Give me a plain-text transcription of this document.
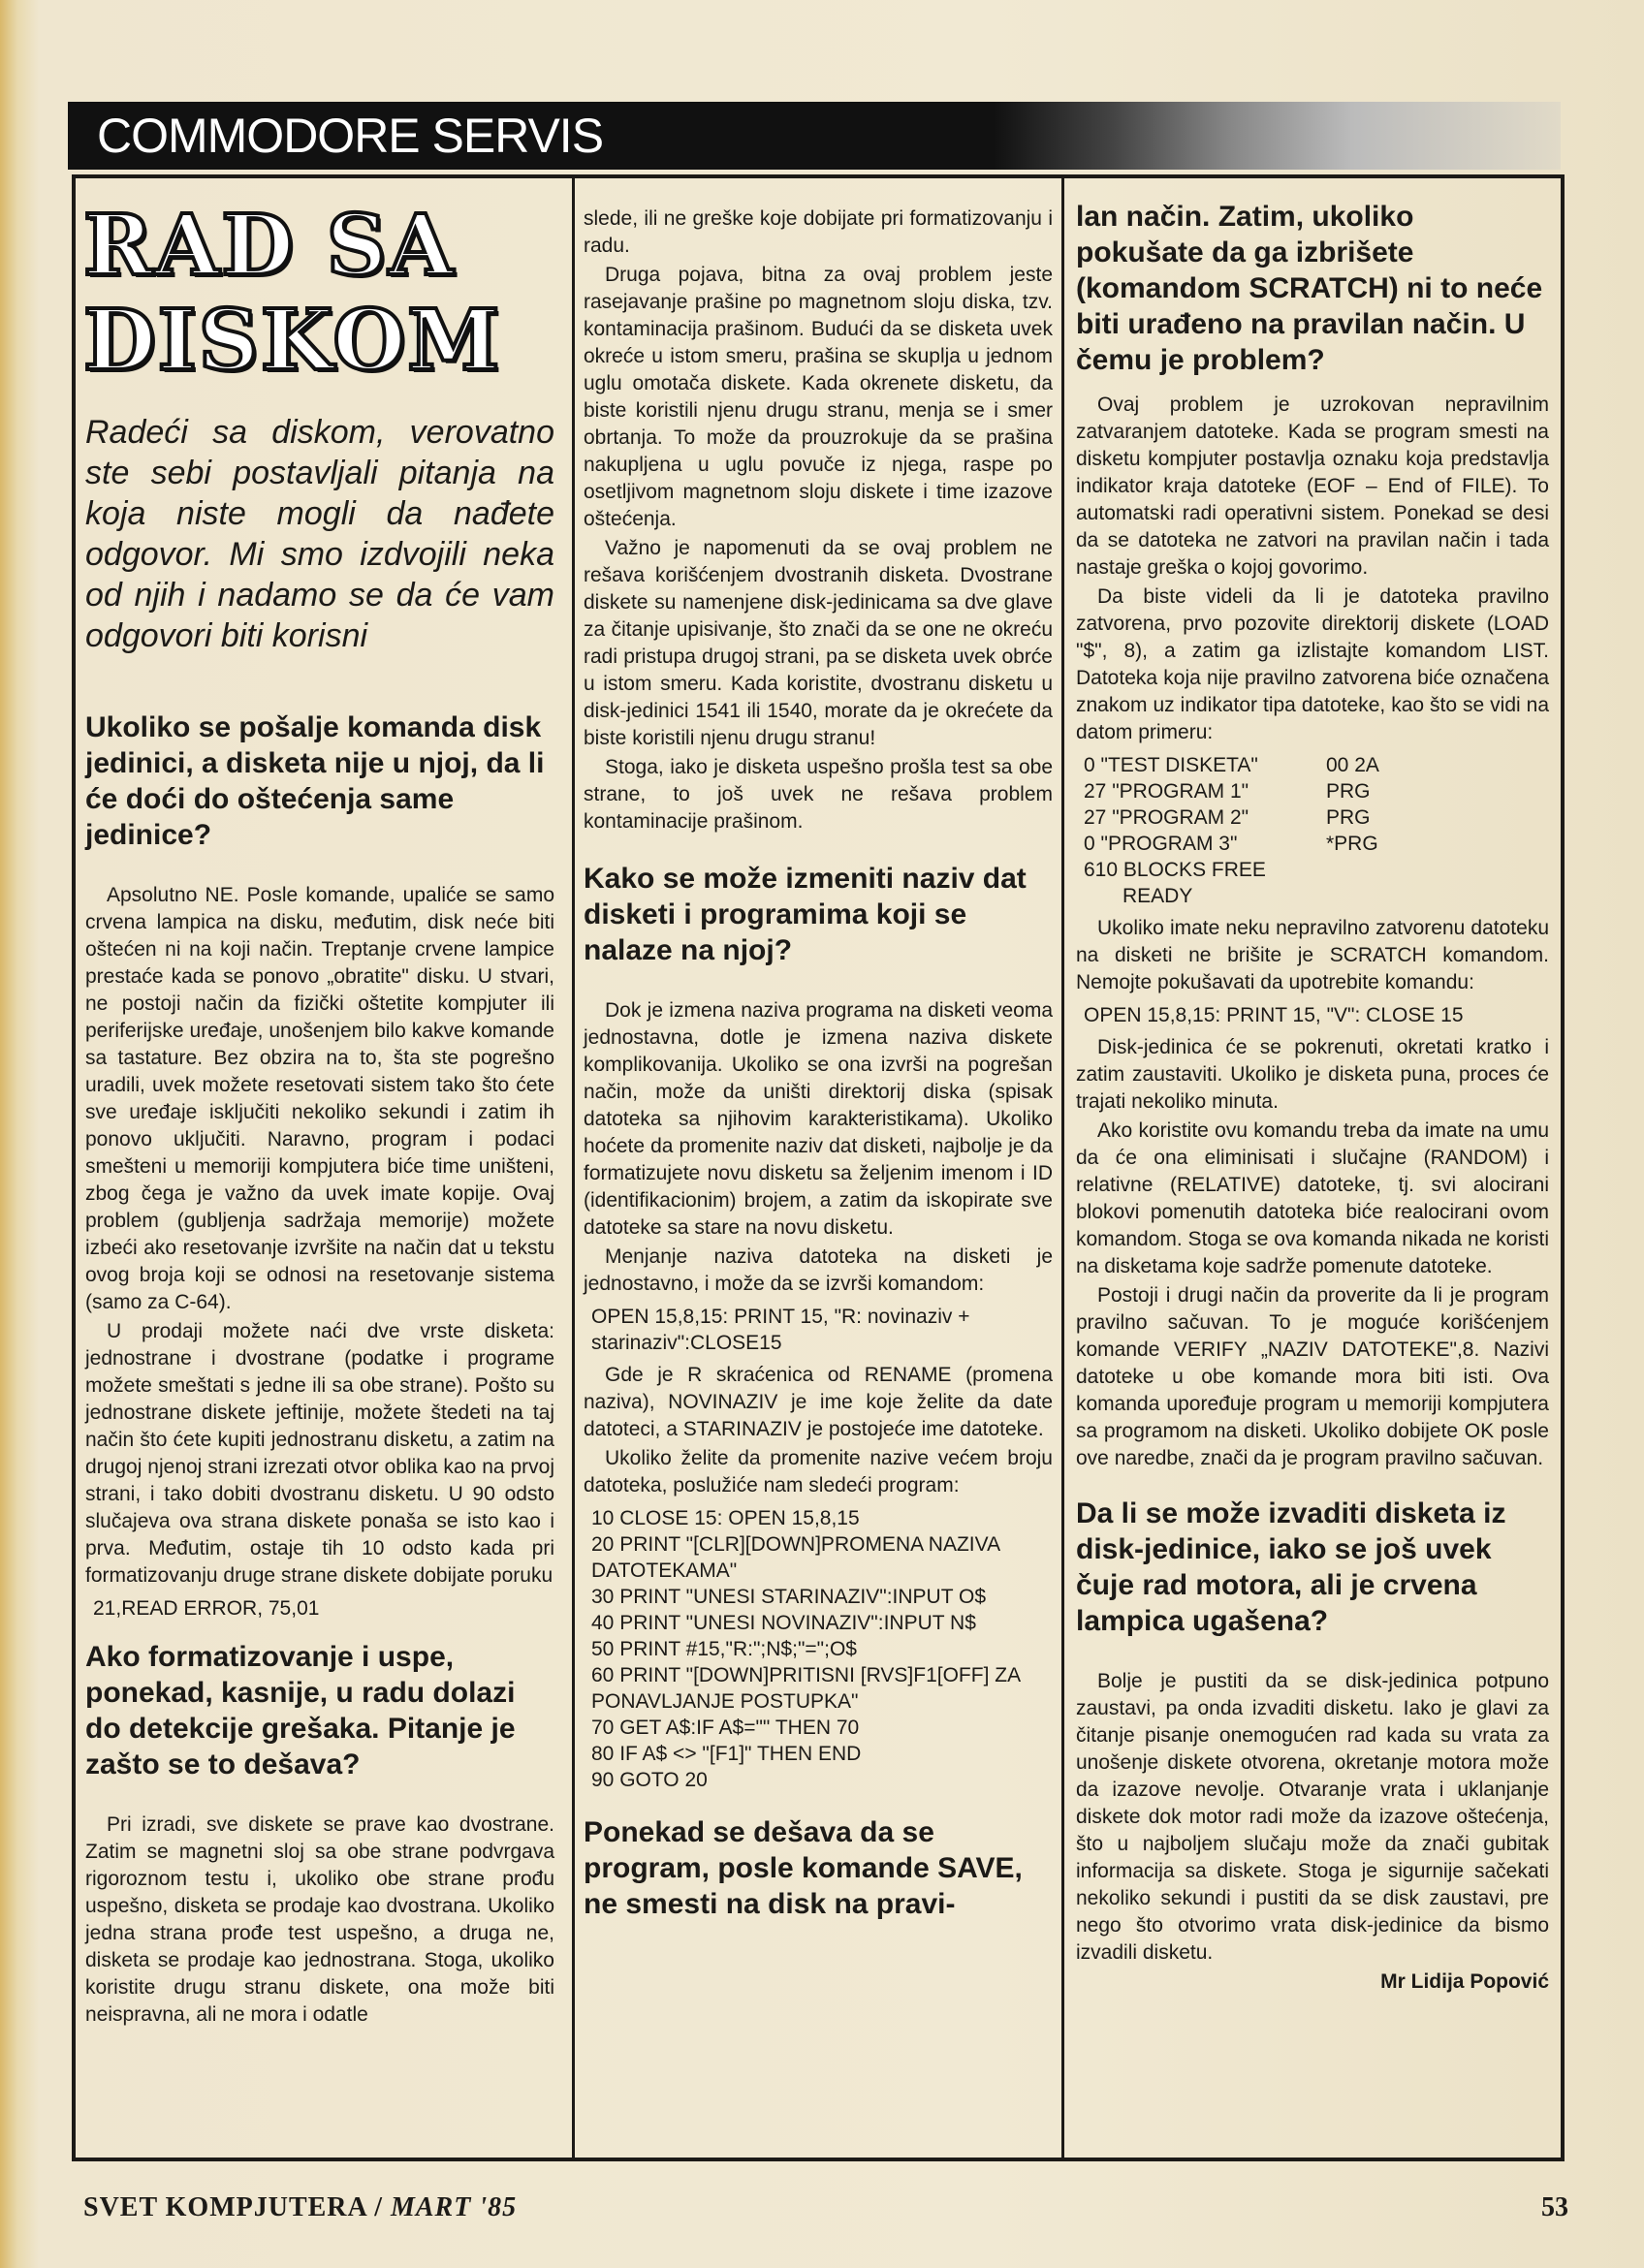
COMMODORE SERVIS
RAD SA
DISKOM
Radeći sa diskom, verovatno ste sebi postavljali pitanja na koja niste mogli da nađete odgovor. Mi smo izdvojili neka od njih i nadamo se da će vam odgovori biti korisni
Ukoliko se pošalje komanda disk jedinici, a disketa nije u njoj, da li će doći do oštećenja same jedinice?

Apsolutno NE. Posle komande, upaliće se samo crvena lampica na disku, međutim, disk neće biti oštećen ni na koji način. Treptanje crvene lampice prestaće kada se ponovo „obratite" disku. U stvari, ne postoji način da fizički oštetite kompjuter ili periferijske uređaje, unošenjem bilo kakve komande sa tastature. Bez obzira na to, šta ste pogrešno uradili, uvek možete resetovati sistem tako što ćete sve uređaje isključiti nekoliko sekundi i zatim ih ponovo uključiti. Naravno, program i podaci smešteni u memoriji kompjutera biće time uništeni, zbog čega je važno da uvek imate kopije. Ovaj problem (gubljenja sadržaja memorije) možete izbeći ako resetovanje izvršite na način dat u tekstu ovog broja koji se odnosi na resetovanje sistema (samo za C-64).

U prodaji možete naći dve vrste disketa: jednostrane i dvostrane (podatke i programe možete smeštati s jedne ili sa obe strane). Pošto su jednostrane diskete jeftinije, možete štedeti na taj način što ćete kupiti jednostranu disketu, a zatim na drugoj njenoj strani izrezati otvor oblika kao na prvoj strani, i tako dobiti dvostranu disketu. U 90 odsto slučajeva ova strana diskete ponaša se isto kao i prva. Međutim, ostaje tih 10 odsto kada pri formatizovanju druge strane diskete dobijate poruku

21,READ ERROR, 75,01
Ako formatizovanje i uspe, ponekad, kasnije, u radu dolazi do detekcije grešaka. Pitanje je zašto se to dešava?

Pri izradi, sve diskete se prave kao dvostrane. Zatim se magnetni sloj sa obe strane podvrgava rigoroznom testu i, ukoliko obe strane prođu uspešno, disketa se prodaje kao dvostrana. Ukoliko jedna strana prođe test uspešno, a druga ne, disketa se prodaje kao jednostrana. Stoga, ukoliko koristite drugu stranu diskete, ona može biti neispravna, ali ne mora i odatle

slede, ili ne greške koje dobijate pri formatizovanju i radu.

Druga pojava, bitna za ovaj problem jeste rasejavanje prašine po magnetnom sloju diska, tzv. kontaminacija prašinom. Budući da se disketa uvek okreće u istom smeru, prašina se skuplja u jednom uglu omotača diskete. Kada okrenete disketu, da biste koristili njenu drugu stranu, menja se i smer obrtanja. To može da prouzrokuje da se prašina nakupljena u uglu povuče iz njega, raspe po osetljivom magnetnom sloju diskete i time izazove oštećenja.

Važno je napomenuti da se ovaj problem ne rešava korišćenjem dvostranih disketa. Dvostrane diskete su namenjene disk-jedinicama sa dve glave za čitanje upisivanje, što znači da se one ne okreću radi pristupa drugoj strani, pa se disketa uvek obrće u istom smeru. Kada koristite, dvostranu disketu u disk-jedinici 1541 ili 1540, morate da je okrećete da biste koristili njenu drugu stranu!

Stoga, iako je disketa uspešno prošla test sa obe strane, to još uvek ne rešava problem kontaminacije prašinom.

Kako se može izmeniti naziv dat disketi i programima koji se nalaze na njoj?

Dok je izmena naziva programa na disketi veoma jednostavna, dotle je izmena naziva diskete komplikovanija. Ukoliko se ona izvrši na pogrešan način, može da uništi direktorij diska (spisak datoteka sa njihovim karakteristikama). Ukoliko hoćete da promenite naziv dat disketi, najbolje je da formatizujete novu disketu sa željenim imenom i ID (identifikacionim) brojem, a zatim da iskopirate sve datoteke sa stare na novu disketu.

Menjanje naziva datoteka na disketi je jednostavno, i može da se izvrši komandom:

OPEN 15,8,15: PRINT 15, "R: novinaziv + starinaziv":CLOSE15

Gde je R skraćenica od RENAME (promena naziva), NOVINAZIV je ime koje želite da date datoteci, a STARINAZIV je postojeće ime datoteke.

Ukoliko želite da promenite nazive većem broju datoteka, poslužiće nam sledeći program:

10 CLOSE 15: OPEN 15,8,15
20 PRINT "[CLR][DOWN]PROMENA NAZIVA DATOTEKAMA"
30 PRINT "UNESI STARINAZIV":INPUT O$
40 PRINT "UNESI NOVINAZIV":INPUT N$
50 PRINT #15,"R:";N$;"=";O$
60 PRINT "[DOWN]PRITISNI [RVS]F1[OFF] ZA PONAVLJANJE POSTUPKA"
70 GET A$:IF A$="" THEN 70
80 IF A$ <> "[F1]" THEN END
90 GOTO 20
Ponekad se dešava da se program, posle komande SAVE, ne smesti na disk na pravi-
lan način. Zatim, ukoliko pokušate da ga izbrišete (komandom SCRATCH) ni to neće biti urađeno na pravilan način. U čemu je problem?

Ovaj problem je uzrokovan nepravilnim zatvaranjem datoteke. Kada se program smesti na disketu kompjuter postavlja oznaku koja predstavlja indikator kraja datoteke (EOF – End of FILE). To automatski radi operativni sistem. Ponekad se desi da se datoteka ne zatvori na pravilan način i tada nastaje greška o kojoj govorimo.

Da biste videli da li je datoteka pravilno zatvorena, prvo pozovite direktorij diskete (LOAD "$", 8), a zatim ga izlistajte komandom LIST. Datoteka koja nije pravilno zatvorena biće označena znakom uz indikator tipa datoteke, kao što se vidi na datom primeru:

0 "TEST DISKETA"	00 2A
27 "PROGRAM 1"	PRG
27 "PROGRAM 2"	PRG
0 "PROGRAM 3"	*PRG
610 BLOCKS FREE
READY

Ukoliko imate neku nepravilno zatvorenu datoteku na disketi ne brišite je SCRATCH komandom. Nemojte pokušavati da upotrebite komandu:

OPEN 15,8,15: PRINT 15, "V": CLOSE 15

Disk-jedinica će se pokrenuti, okretati kratko i zatim zaustaviti. Ukoliko je disketa puna, proces će trajati nekoliko minuta.

Ako koristite ovu komandu treba da imate na umu da će ona eliminisati i slučajne (RANDOM) i relativne (RELATIVE) datoteke, tj. svi alocirani blokovi pomenutih datoteka biće realocirani ovom komandom. Stoga se ova komanda nikada ne koristi na disketama koje sadrže pomenute datoteke.

Postoji i drugi način da proverite da li je program pravilno sačuvan. To je moguće korišćenjem komande VERIFY „NAZIV DATOTEKE",8. Nazivi datoteke u obe komande mora biti isti. Ova komanda upoređuje program u memoriji kompjutera sa programom na disketi. Ukoliko dobijete OK posle ove naredbe, znači da je program pravilno sačuvan.

Da li se može izvaditi disketa iz disk-jedinice, iako se još uvek čuje rad motora, ali je crvena lampica ugašena?

Bolje je pustiti da se disk-jedinica potpuno zaustavi, pa onda izvaditi disketu. Iako je glavi za čitanje pisanje onemogućen rad kada su vrata za unošenje diskete otvorena, okretanje motora može da izazove nevolje. Otvaranje vrata i uklanjanje diskete dok motor radi može da izazove oštećenja, što u najboljem slučaju može da znači gubitak informacija sa diskete. Stoga je sigurnije sačekati nekoliko sekundi i pustiti da se disk zaustavi, pre nego što otvorimo vrata disk-jedinice da bismo izvadili disketu.

Mr Lidija Popović
SVET KOMPJUTERA / MART '85	53
